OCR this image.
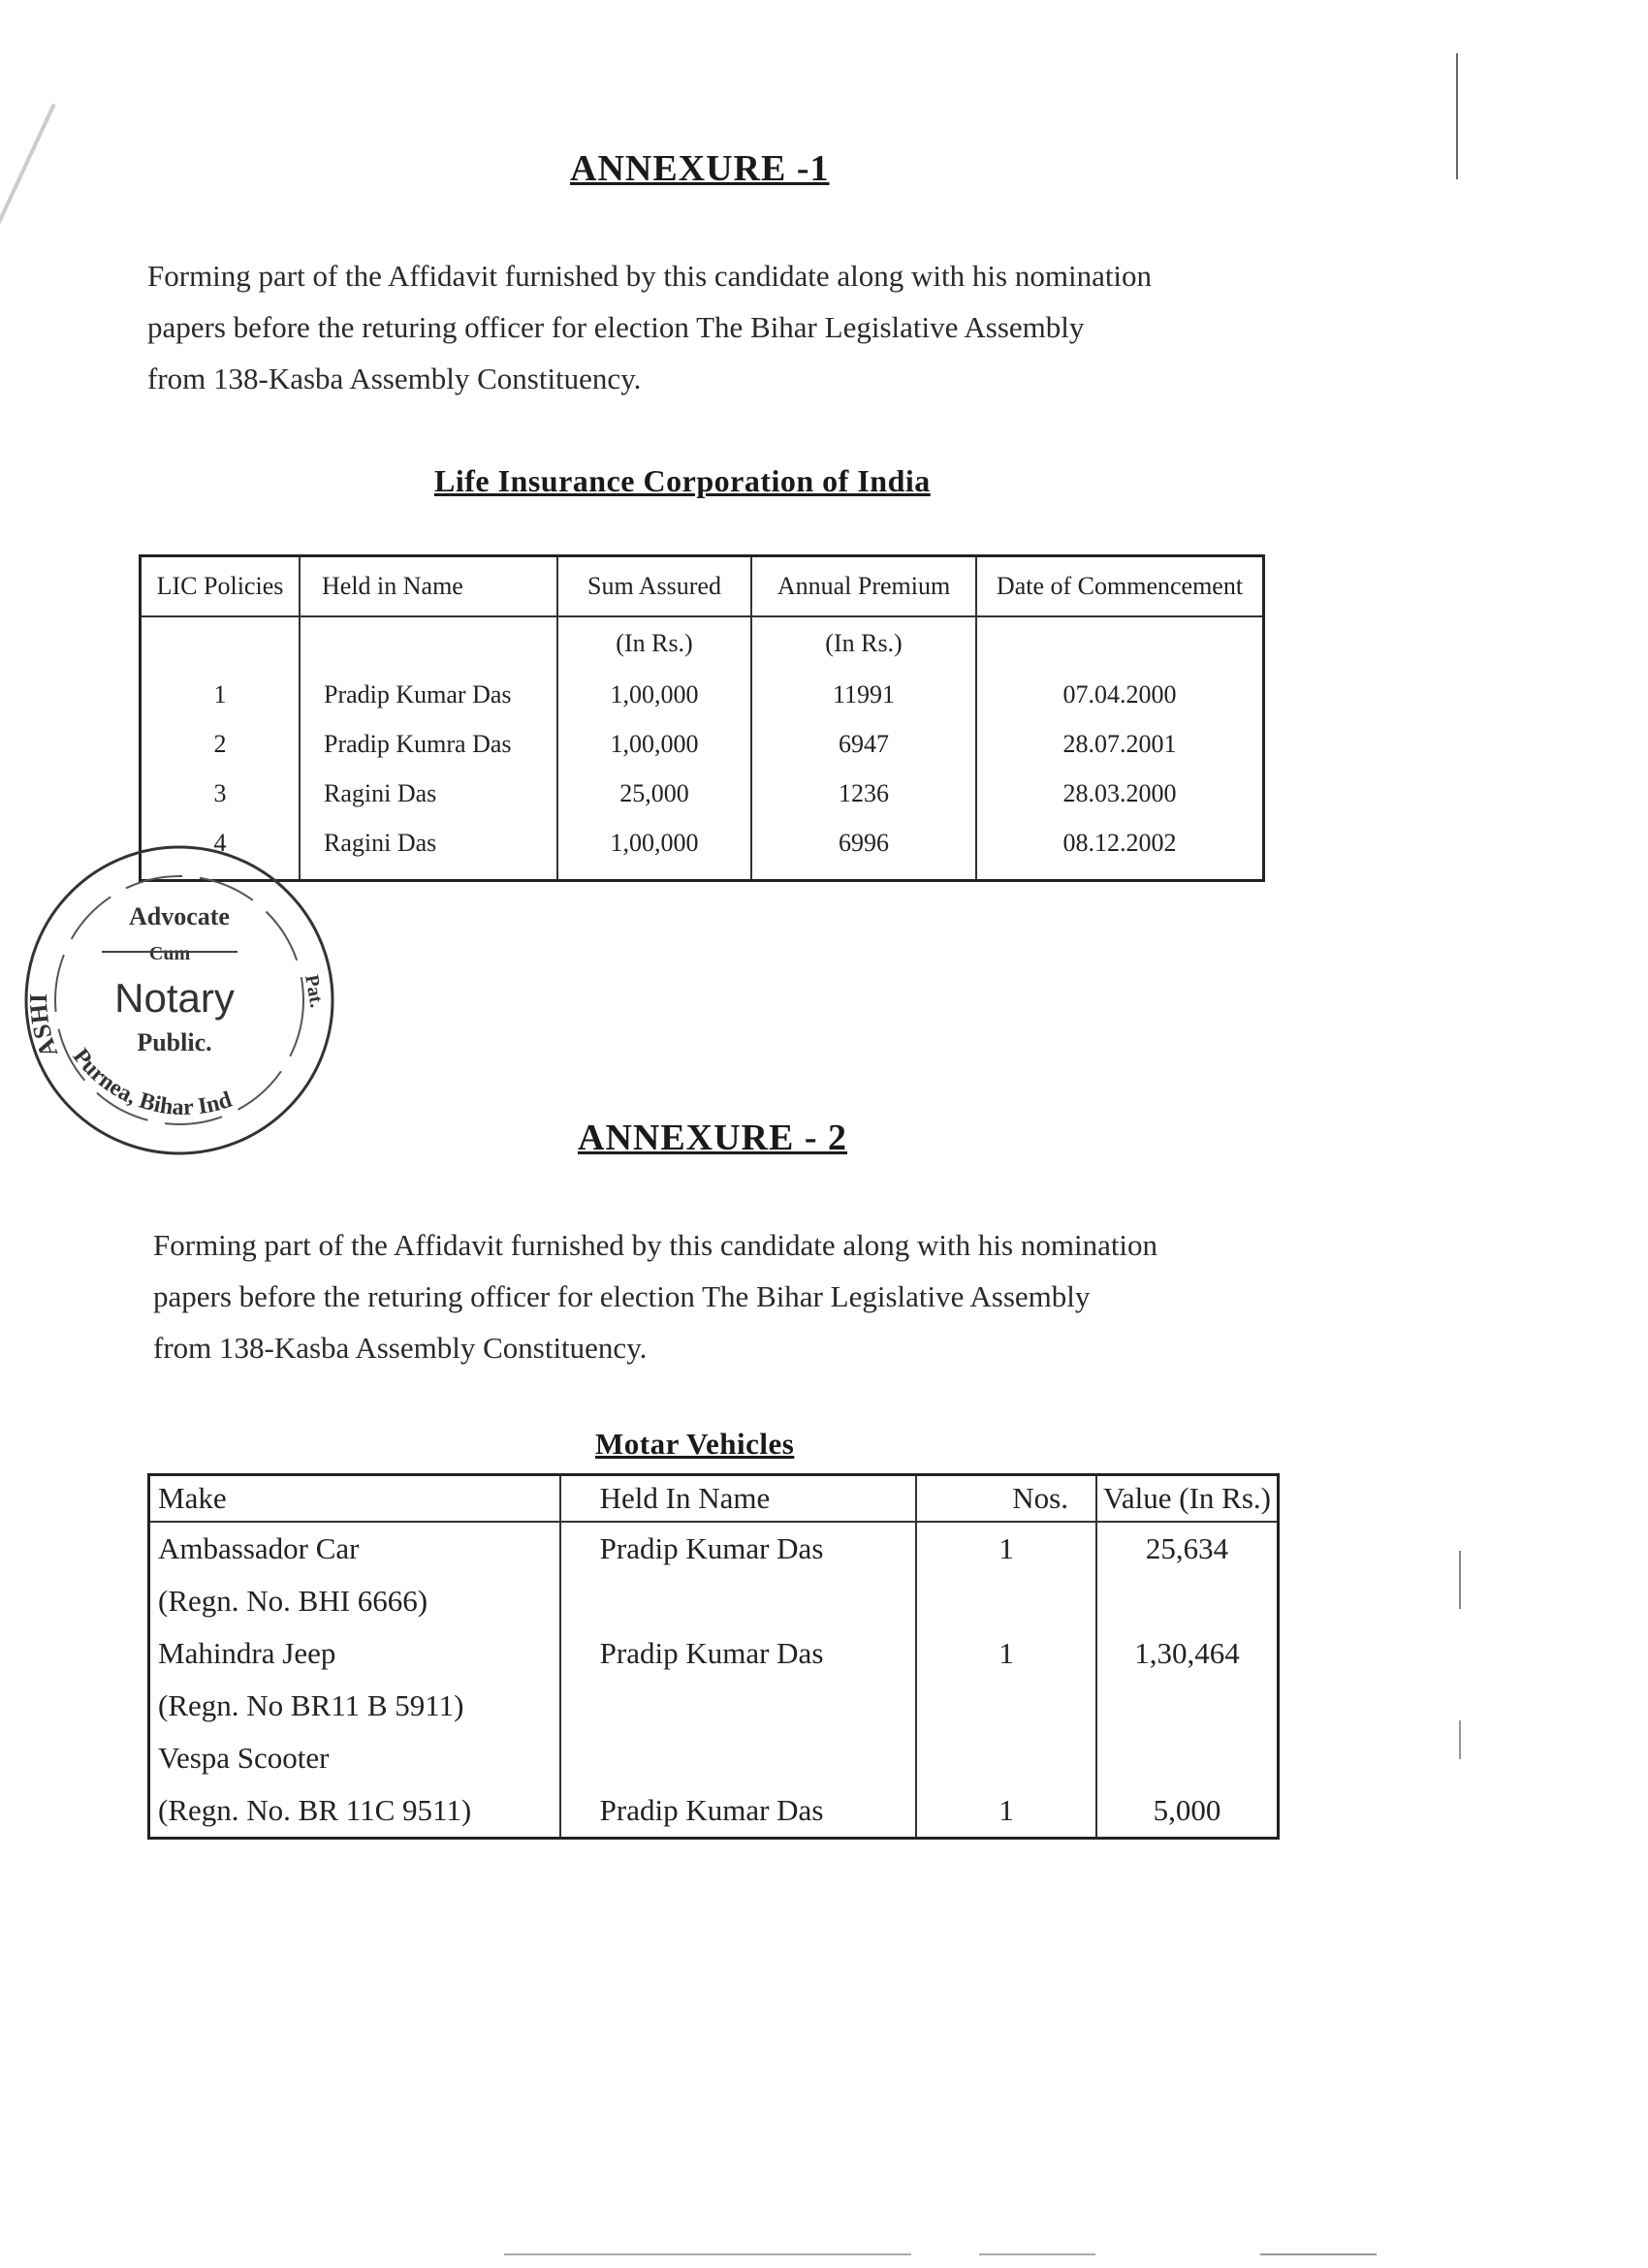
ANNEXURE -1

Forming part of the Affidavit furnished by this candidate along with his nomination
papers before the returing officer for election The Bihar Legislative Assembly
from 138-Kasba Assembly Constituency.

Life Insurance Corporation of India
LIC Policies	Held in Name	Sum Assured	Annual Premium	Date of Commencement
		(In Rs.)	(In Rs.)	
1	Pradip Kumar Das	1,00,000	11991	07.04.2000
2	Pradip Kumra Das	1,00,000	6947	28.07.2001
3	Ragini Das	25,000	1236	28.03.2000
4	Ragini Das	1,00,000	6996	08.12.2002
ASHI
Purnea, Bihar Ind
Pat.
Advocate
Cum
Notary
Public.
ANNEXURE - 2

Forming part of the Affidavit furnished by this candidate along with his nomination
papers before the returing officer for election The Bihar Legislative Assembly
from 138-Kasba Assembly Constituency.

Motar Vehicles
Make	Held In Name	Nos.	Value (In Rs.)
Ambassador Car	Pradip Kumar Das	1	25,634
(Regn. No. BHI 6666)			
Mahindra Jeep	Pradip Kumar Das	1	1,30,464
(Regn. No BR11 B 5911)			
Vespa Scooter			
(Regn. No. BR 11C 9511)	Pradip Kumar Das	1	5,000
